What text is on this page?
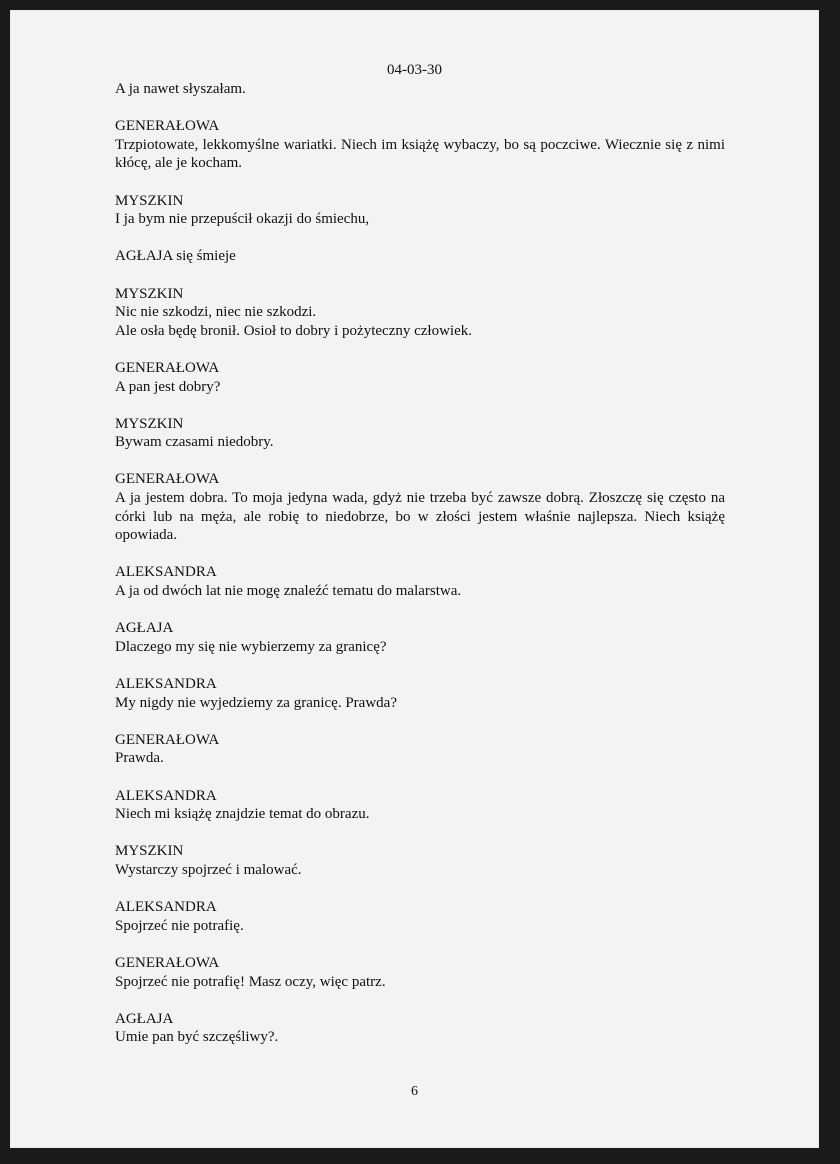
04-03-30
A ja nawet słyszałam.
GENERAŁOWA
Trzpiotowate, lekkomyślne wariatki. Niech im książę wybaczy, bo są poczciwe. Wiecznie się z nimi kłócę, ale je kocham.
MYSZKIN
I ja bym nie przepuścił okazji do śmiechu,
AGŁAJA się śmieje
MYSZKIN
Nic nie szkodzi, niec nie szkodzi.
Ale osła będę bronił. Osioł to dobry i pożyteczny człowiek.
GENERAŁOWA
A pan jest dobry?
MYSZKIN
Bywam czasami niedobry.
GENERAŁOWA
A ja jestem dobra. To moja jedyna wada, gdyż nie trzeba być zawsze dobrą. Złoszczę się często na córki lub na męża, ale robię to niedobrze, bo w złości jestem właśnie najlepsza. Niech książę opowiada.
ALEKSANDRA
A ja od dwóch lat nie mogę znaleźć tematu do malarstwa.
AGŁAJA
Dlaczego my się nie wybierzemy za granicę?
ALEKSANDRA
My nigdy nie wyjedziemy za granicę. Prawda?
GENERAŁOWA
Prawda.
ALEKSANDRA
Niech mi książę znajdzie temat do obrazu.
MYSZKIN
Wystarczy spojrzeć i malować.
ALEKSANDRA
Spojrzeć nie potrafię.
GENERAŁOWA
Spojrzeć nie potrafię! Masz oczy, więc patrz.
AGŁAJA
Umie pan być szczęśliwy?.
6
